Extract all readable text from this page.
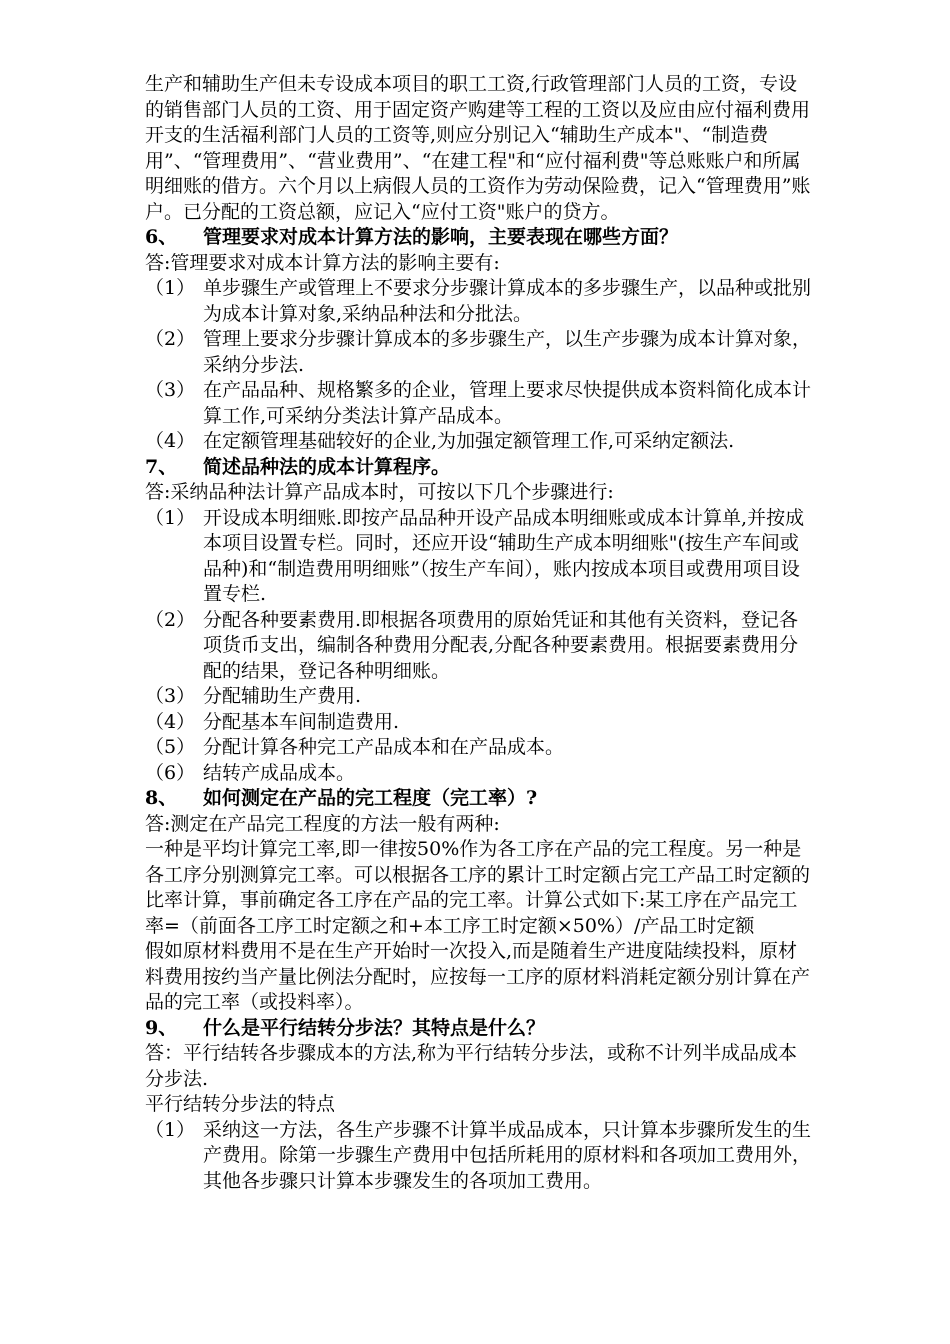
生产和辅助生产但未专设成本项目的职工工资,行政管理部门人员的工资，专设的销售部门人员的工资、用于固定资产购建等工程的工资以及应由应付福利费用开支的生活福利部门人员的工资等,则应分别记入“辅助生产成本"、“制造费用”、“管理费用”、“营业费用”、“在建工程"和“应付福利费"等总账账户和所属明细账的借方。六个月以上病假人员的工资作为劳动保险费，记入“管理费用”账户。已分配的工资总额，应记入“应付工资"账户的贷方。

6、 管理要求对成本计算方法的影响，主要表现在哪些方面？

答:管理要求对成本计算方法的影响主要有:

（1） 单步骤生产或管理上不要求分步骤计算成本的多步骤生产，以品种或批别为成本计算对象,采纳品种法和分批法。
（2） 管理上要求分步骤计算成本的多步骤生产，以生产步骤为成本计算对象，采纳分步法.
（3） 在产品品种、规格繁多的企业，管理上要求尽快提供成本资料简化成本计算工作,可采纳分类法计算产品成本。
（4） 在定额管理基础较好的企业,为加强定额管理工作,可采纳定额法.

7、 简述品种法的成本计算程序。

答:采纳品种法计算产品成本时，可按以下几个步骤进行:

（1） 开设成本明细账.即按产品品种开设产品成本明细账或成本计算单,并按成本项目设置专栏。同时，还应开设“辅助生产成本明细账"(按生产车间或品种)和“制造费用明细账”（按生产车间），账内按成本项目或费用项目设置专栏.
（2） 分配各种要素费用.即根据各项费用的原始凭证和其他有关资料，登记各项货币支出，编制各种费用分配表,分配各种要素费用。根据要素费用分配的结果，登记各种明细账。
（3） 分配辅助生产费用.
（4） 分配基本车间制造费用.
（5） 分配计算各种完工产品成本和在产品成本。
（6） 结转产成品成本。

8、 如何测定在产品的完工程度（完工率）?

答:测定在产品完工程度的方法一般有两种:

一种是平均计算完工率,即一律按50%作为各工序在产品的完工程度。另一种是各工序分别测算完工率。可以根据各工序的累计工时定额占完工产品工时定额的比率计算，事前确定各工序在产品的完工率。计算公式如下:某工序在产品完工率=（前面各工序工时定额之和+本工序工时定额×50%）/产品工时定额

假如原材料费用不是在生产开始时一次投入,而是随着生产进度陆续投料，原材料费用按约当产量比例法分配时，应按每一工序的原材料消耗定额分别计算在产品的完工率（或投料率）。

9、 什么是平行结转分步法？其特点是什么？

答：平行结转各步骤成本的方法,称为平行结转分步法，或称不计列半成品成本分步法.

平行结转分步法的特点

（1） 采纳这一方法，各生产步骤不计算半成品成本，只计算本步骤所发生的生产费用。除第一步骤生产费用中包括所耗用的原材料和各项加工费用外，其他各步骤只计算本步骤发生的各项加工费用。
